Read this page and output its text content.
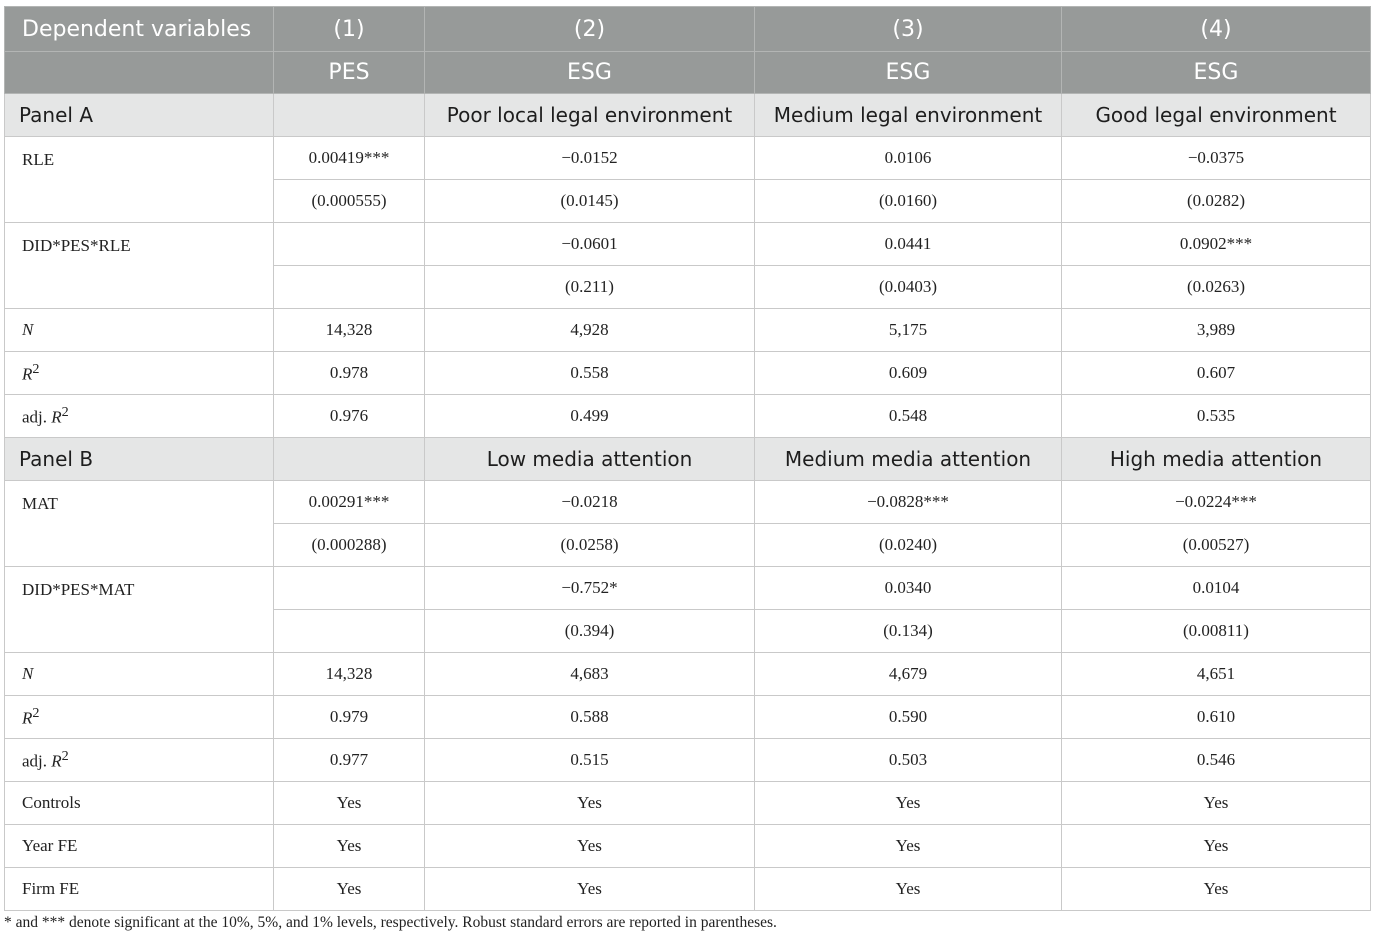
Dependent variables	(1)	(2)	(3)	(4)
	PES	ESG	ESG	ESG
Panel A		Poor local legal environment	Medium legal environment	Good legal environment
RLE	0.00419***	−0.0152	0.0106	−0.0375
	(0.000555)	(0.0145)	(0.0160)	(0.0282)
DID*PES*RLE		−0.0601	0.0441	0.0902***
		(0.211)	(0.0403)	(0.0263)
N	14,328	4,928	5,175	3,989
$R^2$	0.978	0.558	0.609	0.607
adj. $R^2$	0.976	0.499	0.548	0.535
Panel B		Low media attention	Medium media attention	High media attention
MAT	0.00291***	−0.0218	−0.0828***	−0.0224***
	(0.000288)	(0.0258)	(0.0240)	(0.00527)
DID*PES*MAT		−0.752*	0.0340	0.0104
		(0.394)	(0.134)	(0.00811)
N	14,328	4,683	4,679	4,651
$R^2$	0.979	0.588	0.590	0.610
adj. $R^2$	0.977	0.515	0.503	0.546
Controls	Yes	Yes	Yes	Yes
Year FE	Yes	Yes	Yes	Yes
Firm FE	Yes	Yes	Yes	Yes
* and *** denote significant at the 10%, 5%, and 1% levels, respectively. Robust standard errors are reported in parentheses.
